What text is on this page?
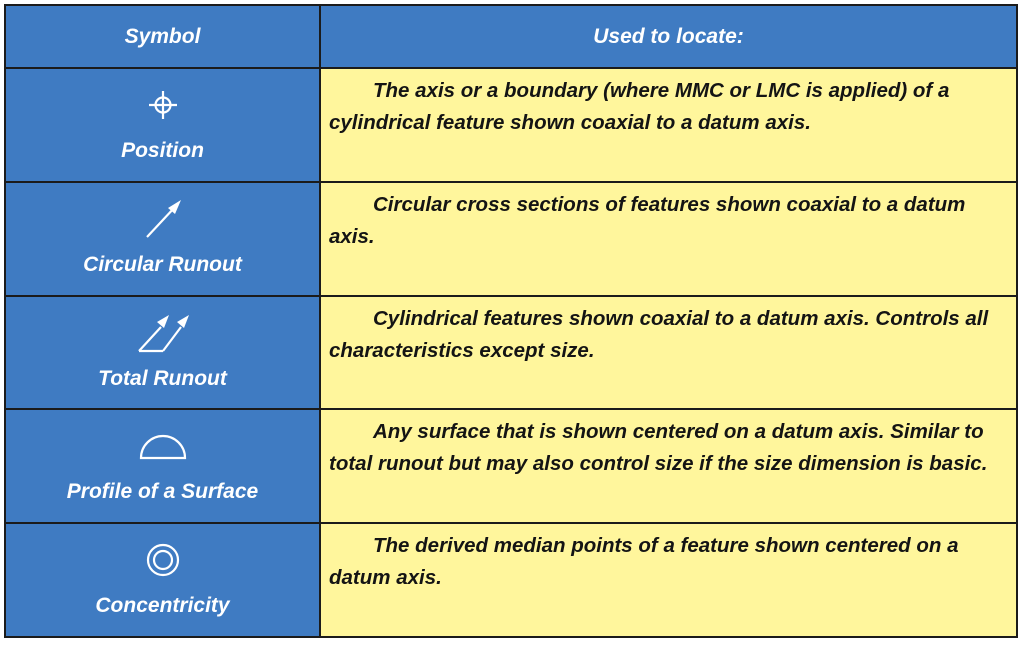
Symbol	Used to locate:
Position
The axis or a boundary (where MMC or LMC is applied) of a cylindrical feature shown coaxial to a datum axis.
Circular Runout
Circular cross sections of features shown coaxial to a datum axis.
Total Runout
Cylindrical features shown coaxial to a datum axis. Controls all characteristics except size.
Profile of a Surface
Any surface that is shown centered on a datum axis. Similar to total runout but may also control size if the size dimension is basic.
Concentricity
The derived median points of a feature shown centered on a datum axis.
